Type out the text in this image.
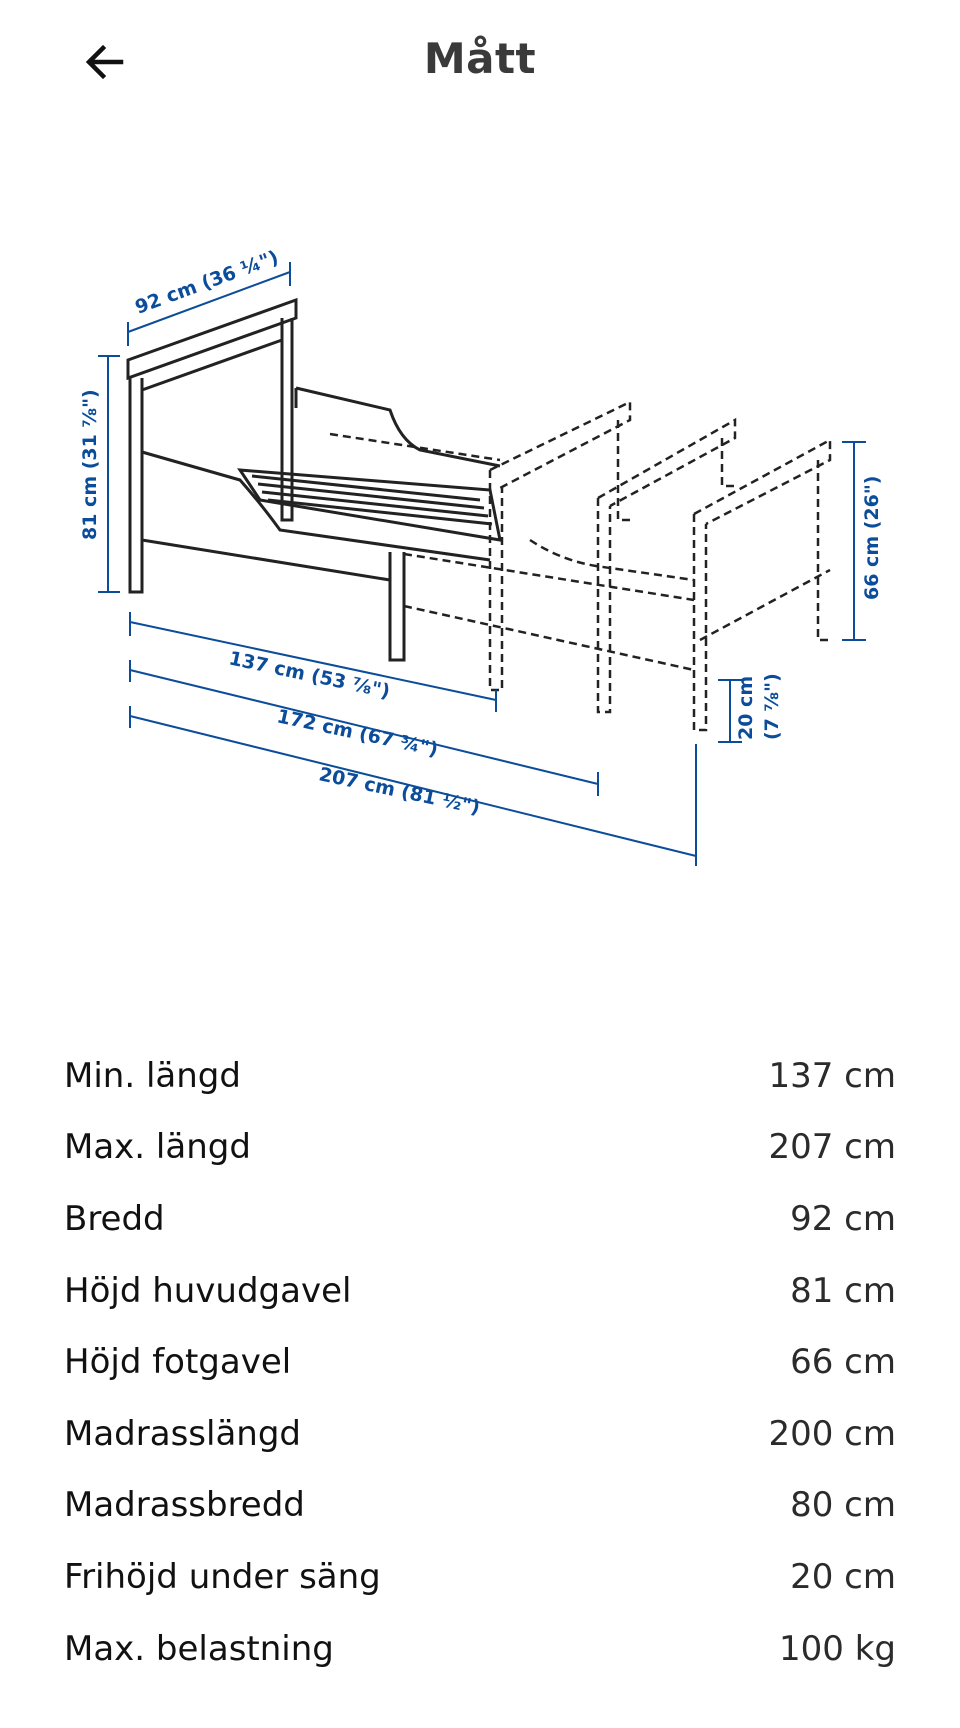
Mått
92 cm (36 ¼")
81 cm (31 ⅞")	66 cm (26")
20 cm (7 ⅞")
137 cm (53 ⅞")
172 cm (67 ¾")
207 cm (81 ½")
Min. längd	137 cm
Max. längd	207 cm
Bredd	92 cm
Höjd huvudgavel	81 cm
Höjd fotgavel	66 cm
Madrasslängd	200 cm
Madrassbredd	80 cm
Frihöjd under säng	20 cm
Max. belastning	100 kg
